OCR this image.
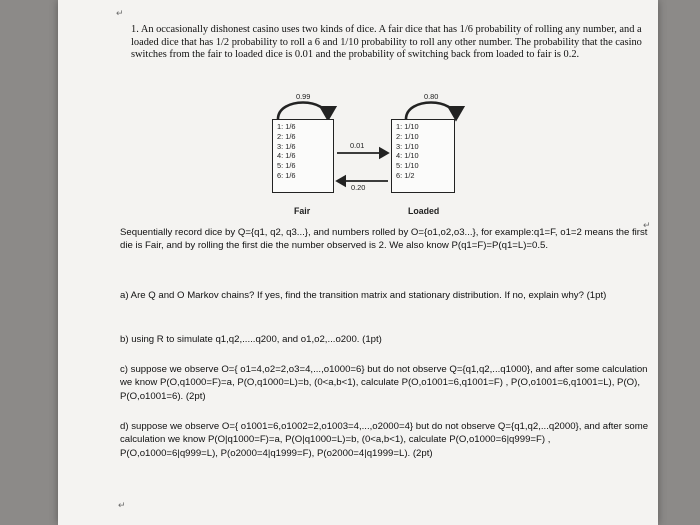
↵
1. An occasionally dishonest casino uses two kinds of dice. A fair dice that has 1/6 probability of rolling any number, and a loaded dice that has 1/2 probability to roll a 6 and 1/10 probability to roll any other number. The probability that the casino switches from the fair to loaded dice is 0.01 and the probability of switching back from loaded to fair is 0.2.
0.99	0.80
1: 1/6
2: 1/6
3: 1/6
4: 1/6
5: 1/6
6: 1/6
1: 1/10
2: 1/10
3: 1/10
4: 1/10
5: 1/10
6: 1/2
0.01
0.20
Fair	Loaded
Sequentially record dice by Q={q1, q2, q3...}, and numbers rolled by O={o1,o2,o3...}, for example:q1=F, o1=2 means the first die is Fair, and by rolling the first die the number observed is 2. We also know P(q1=F)=P(q1=L)=0.5.
a) Are Q and O Markov chains? If yes, find the transition matrix and stationary distribution. If no, explain why? (1pt)
b) using R to simulate q1,q2,.....q200, and o1,o2,...o200. (1pt)
c) suppose we observe O={ o1=4,o2=2,o3=4,...,o1000=6} but do not observe Q={q1,q2,...q1000}, and after some calculation we know P(O,q1000=F)=a, P(O,q1000=L)=b, (0<a,b<1), calculate P(O,o1001=6,q1001=F) , P(O,o1001=6,q1001=L), P(O), P(O,o1001=6). (2pt)
d) suppose we observe O={ o1001=6,o1002=2,o1003=4,...,o2000=4} but do not observe Q={q1,q2,...q2000}, and after some calculation we know P(O|q1000=F)=a, P(O|q1000=L)=b, (0<a,b<1), calculate P(O,o1000=6|q999=F) , P(O,o1000=6|q999=L), P(o2000=4|q1999=F), P(o2000=4|q1999=L). (2pt)
↵
↵
